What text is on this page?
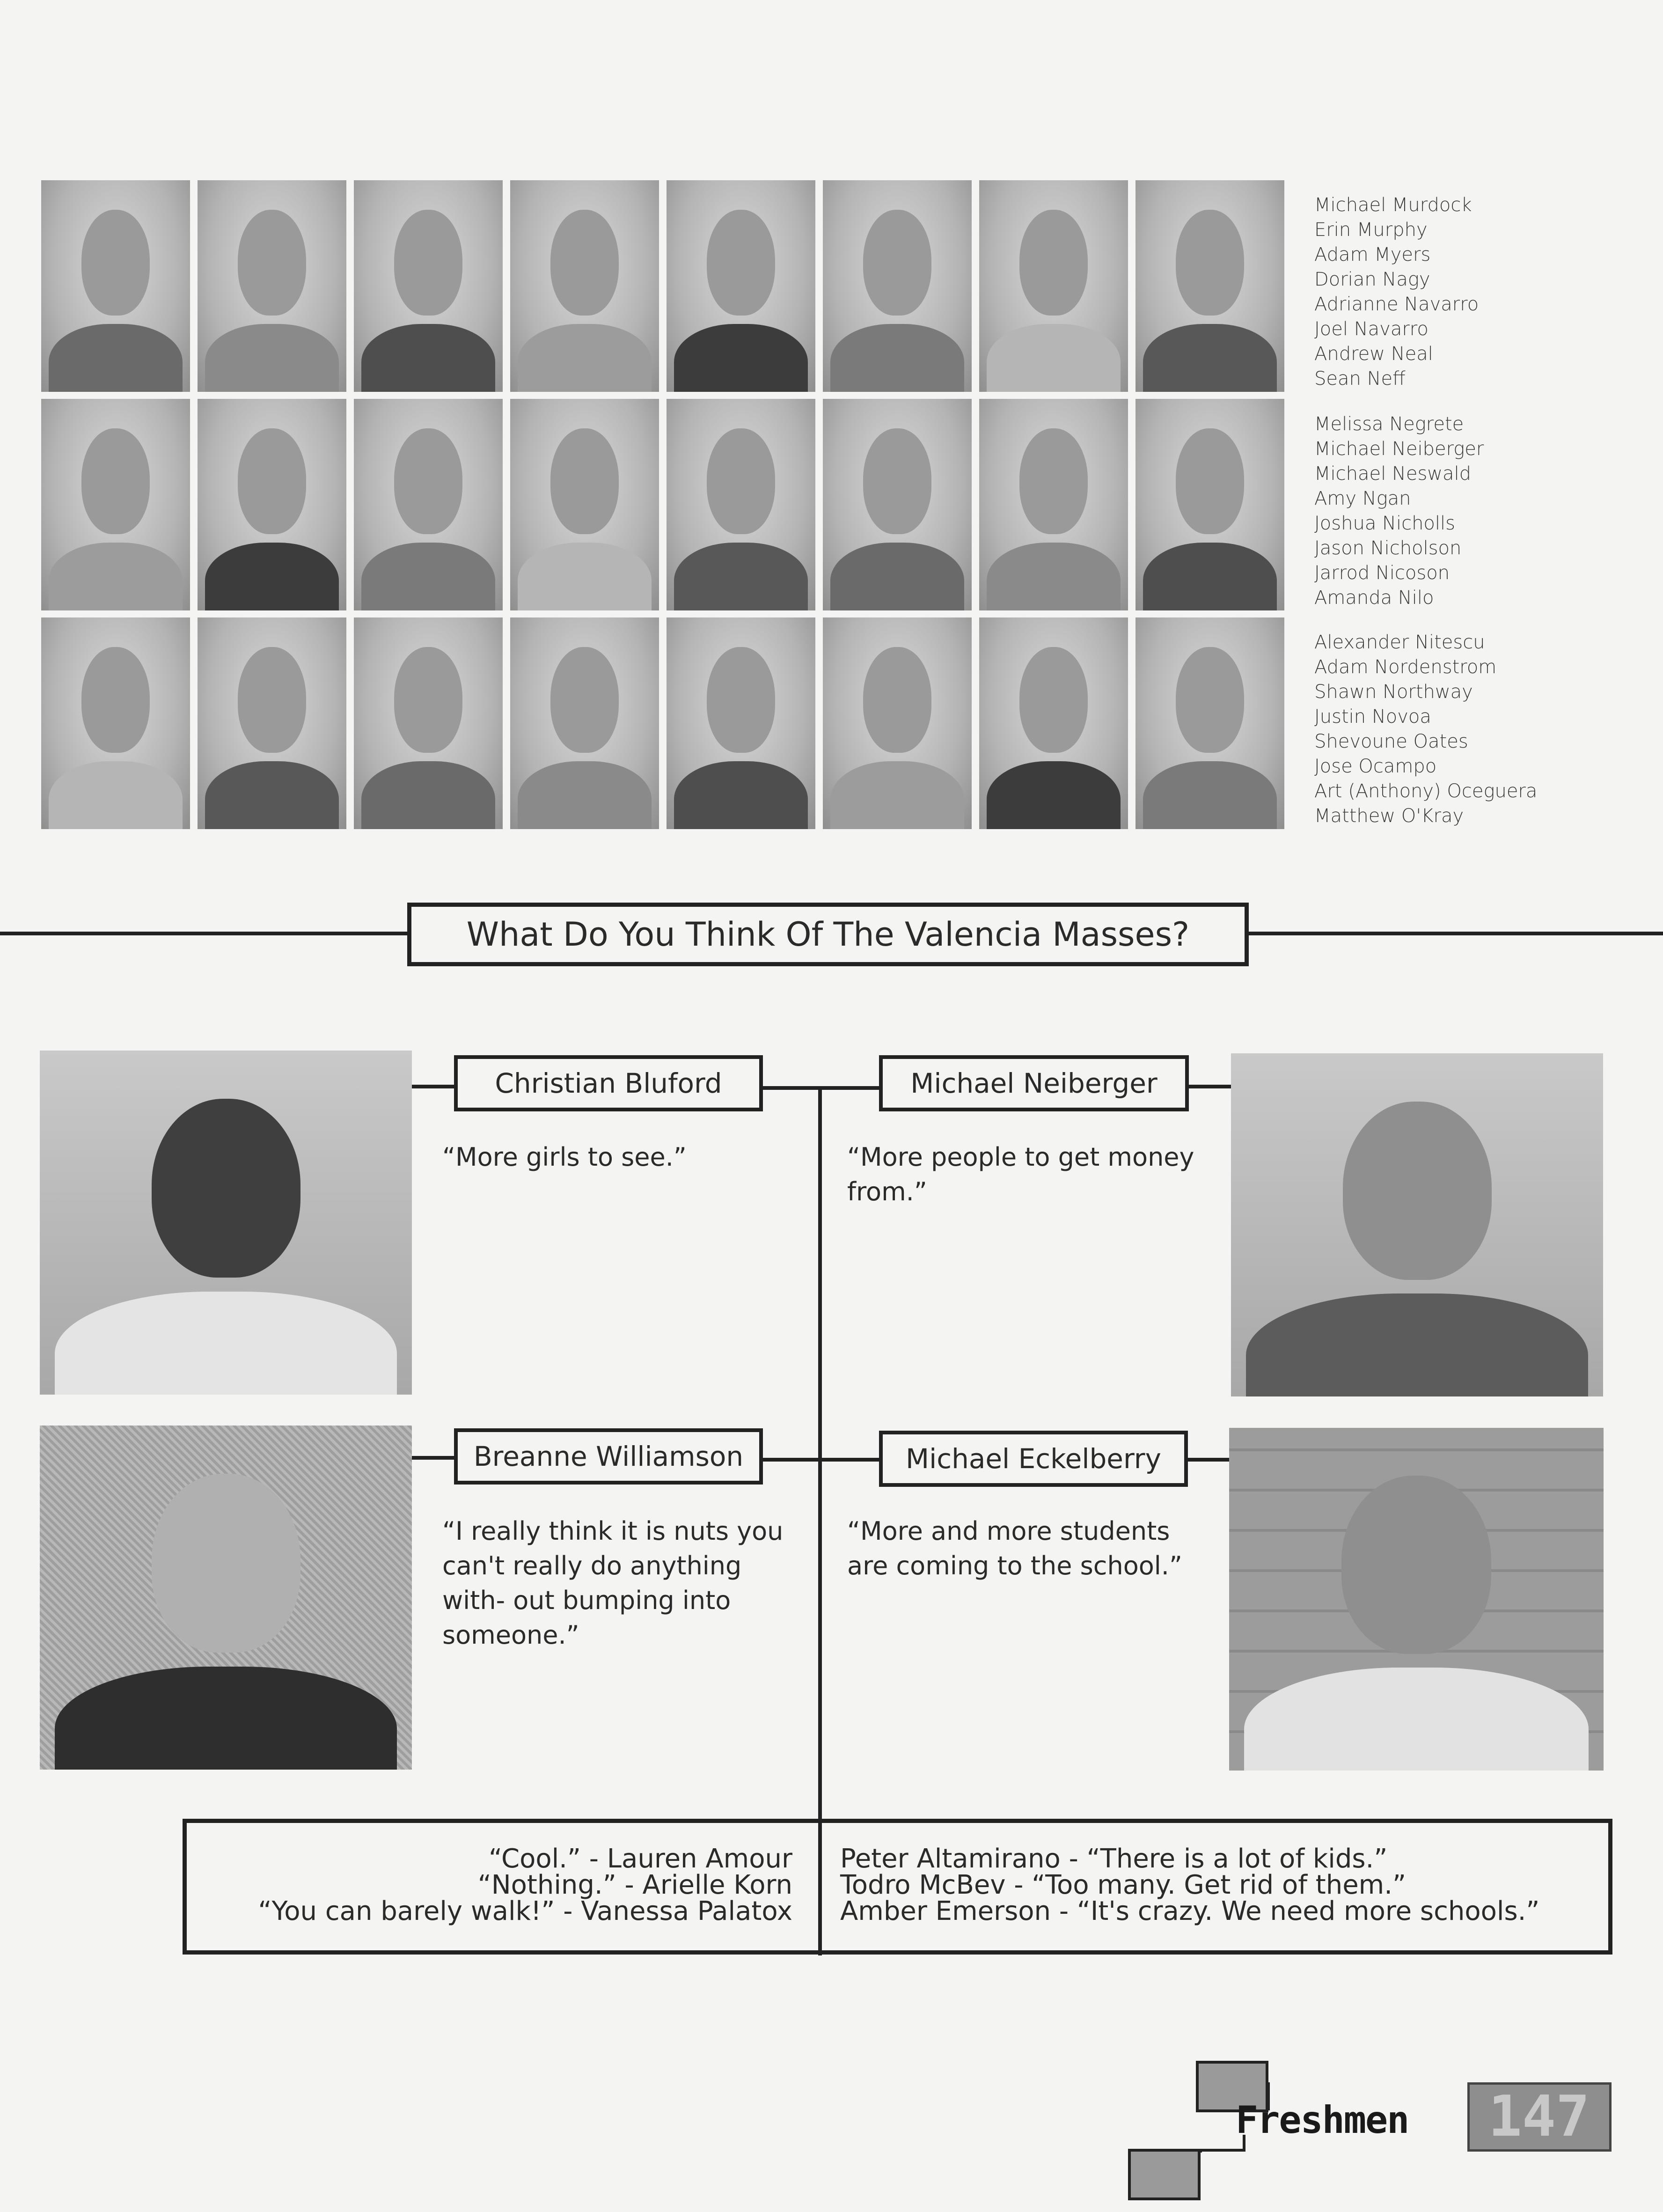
Michael Murdock
Erin Murphy
Adam Myers
Dorian Nagy
Adrianne Navarro
Joel Navarro
Andrew Neal
Sean Neff
Melissa Negrete
Michael Neiberger
Michael Neswald
Amy Ngan
Joshua Nicholls
Jason Nicholson
Jarrod Nicoson
Amanda Nilo
Alexander Nitescu
Adam Nordenstrom
Shawn Northway
Justin Novoa
Shevoune Oates
Jose Ocampo
Art (Anthony) Oceguera
Matthew O'Kray
What Do You Think Of The Valencia Masses?
Christian Bluford	Michael Neiberger
Breanne Williamson	Michael Eckelberry
“More girls to see.”	“More people to get money from.”
“I really think it is nuts you can't really do anything with- out bumping into someone.”
“More and more students are coming to the school.”
“Cool.” - Lauren Amour
“Nothing.” - Arielle Korn
“You can barely walk!” - Vanessa Palatox
Peter Altamirano - “There is a lot of kids.”
Todro McBev - “Too many. Get rid of them.”
Amber Emerson - “It's crazy. We need more schools.”
Freshmen 147
